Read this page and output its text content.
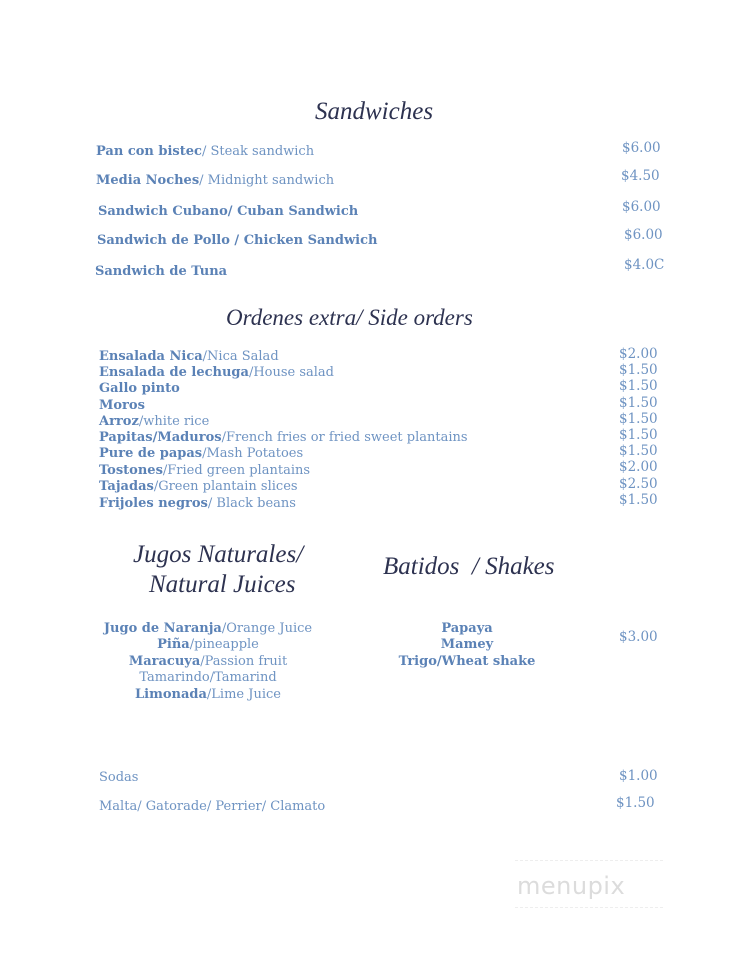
Sandwiches
Pan con bistec/ Steak sandwich	$6.00
Media Noches/ Midnight sandwich	$4.50
Sandwich Cubano/ Cuban Sandwich	$6.00
Sandwich de Pollo / Chicken Sandwich	$6.00
Sandwich de Tuna	$4.0C
Ordenes extra/ Side orders
Ensalada Nica/Nica Salad	$2.00
Ensalada de lechuga/House salad	$1.50
Gallo pinto	$1.50
Moros	$1.50
Arroz/white rice	$1.50
Papitas/Maduros/French fries or fried sweet plantains	$1.50
Pure de papas/Mash Potatoes	$1.50
Tostones/Fried green plantains	$2.00
Tajadas/Green plantain slices	$2.50
Frijoles negros/ Black beans	$1.50
Jugos Naturales/
Natural Juices
Batidos  / Shakes
Jugo de Naranja/Orange Juice
Piña/pineapple
Maracuya/Passion fruit
Tamarindo/Tamarind
Limonada/Lime Juice
Papaya
Mamey
Trigo/Wheat shake
$3.00
Sodas	$1.00
Malta/ Gatorade/ Perrier/ Clamato	$1.50
menupix
